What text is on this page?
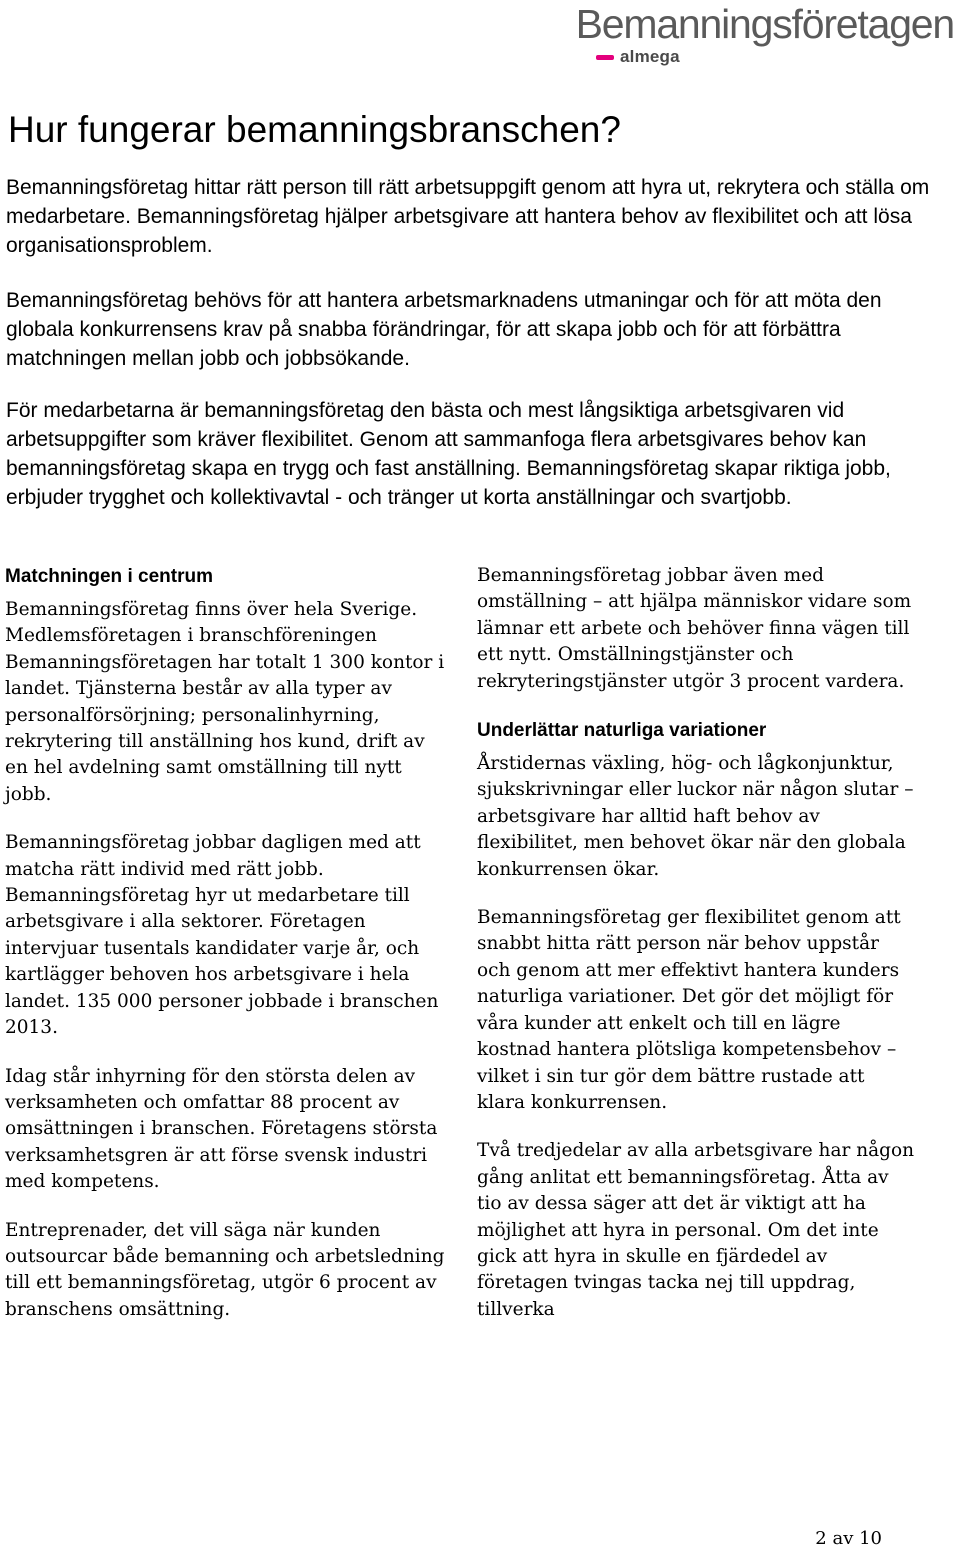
Bemanningsföretagen
almega
Hur fungerar bemanningsbranschen?

Bemanningsföretag hittar rätt person till rätt arbetsuppgift genom att hyra ut, rekrytera och ställa om medarbetare. Bemanningsföretag hjälper arbetsgivare att hantera behov av flexibilitet och att lösa organisationsproblem.

Bemanningsföretag behövs för att hantera arbetsmarknadens utmaningar och för att möta den globala konkurrensens krav på snabba förändringar, för att skapa jobb och för att förbättra matchningen mellan jobb och jobbsökande.

För medarbetarna är bemanningsföretag den bästa och mest långsiktiga arbetsgivaren vid arbetsuppgifter som kräver flexibilitet. Genom att sammanfoga flera arbetsgivares behov kan bemanningsföretag skapa en trygg och fast anställning. Bemanningsföretag skapar riktiga jobb, erbjuder trygghet och kollektivavtal - och tränger ut korta anställningar och svartjobb.

Matchningen i centrum

Bemanningsföretag finns över hela Sverige. Medlemsföretagen i branschföreningen Bemanningsföretagen har totalt 1 300 kontor i landet. Tjänsterna består av alla typer av personalförsörjning; personalinhyrning, rekrytering till anställning hos kund, drift av en hel avdelning samt omställning till nytt jobb.

Bemanningsföretag jobbar dagligen med att matcha rätt individ med rätt jobb. Bemanningsföretag hyr ut medarbetare till arbetsgivare i alla sektorer. Företagen intervjuar tusentals kandidater varje år, och kartlägger behoven hos arbetsgivare i hela landet. 135 000 personer jobbade i branschen 2013.

Idag står inhyrning för den största delen av verksamheten och omfattar 88 procent av omsättningen i branschen. Företagens största verksamhetsgren är att förse svensk industri med kompetens.

Entreprenader, det vill säga när kunden outsourcar både bemanning och arbetsledning till ett bemanningsföretag, utgör 6 procent av branschens omsättning.

Bemanningsföretag jobbar även med omställning – att hjälpa människor vidare som lämnar ett arbete och behöver finna vägen till ett nytt. Omställningstjänster och rekryteringstjänster utgör 3 procent vardera.

Underlättar naturliga variationer

Årstidernas växling, hög- och lågkonjunktur, sjukskrivningar eller luckor när någon slutar – arbetsgivare har alltid haft behov av flexibilitet, men behovet ökar när den globala konkurrensen ökar.

Bemanningsföretag ger flexibilitet genom att snabbt hitta rätt person när behov uppstår och genom att mer effektivt hantera kunders naturliga variationer. Det gör det möjligt för våra kunder att enkelt och till en lägre kostnad hantera plötsliga kompetensbehov – vilket i sin tur gör dem bättre rustade att klara konkurrensen.

Två tredjedelar av alla arbetsgivare har någon gång anlitat ett bemanningsföretag. Åtta av tio av dessa säger att det är viktigt att ha möjlighet att hyra in personal. Om det inte gick att hyra in skulle en fjärdedel av företagen tvingas tacka nej till uppdrag, tillverka

2 av 10
